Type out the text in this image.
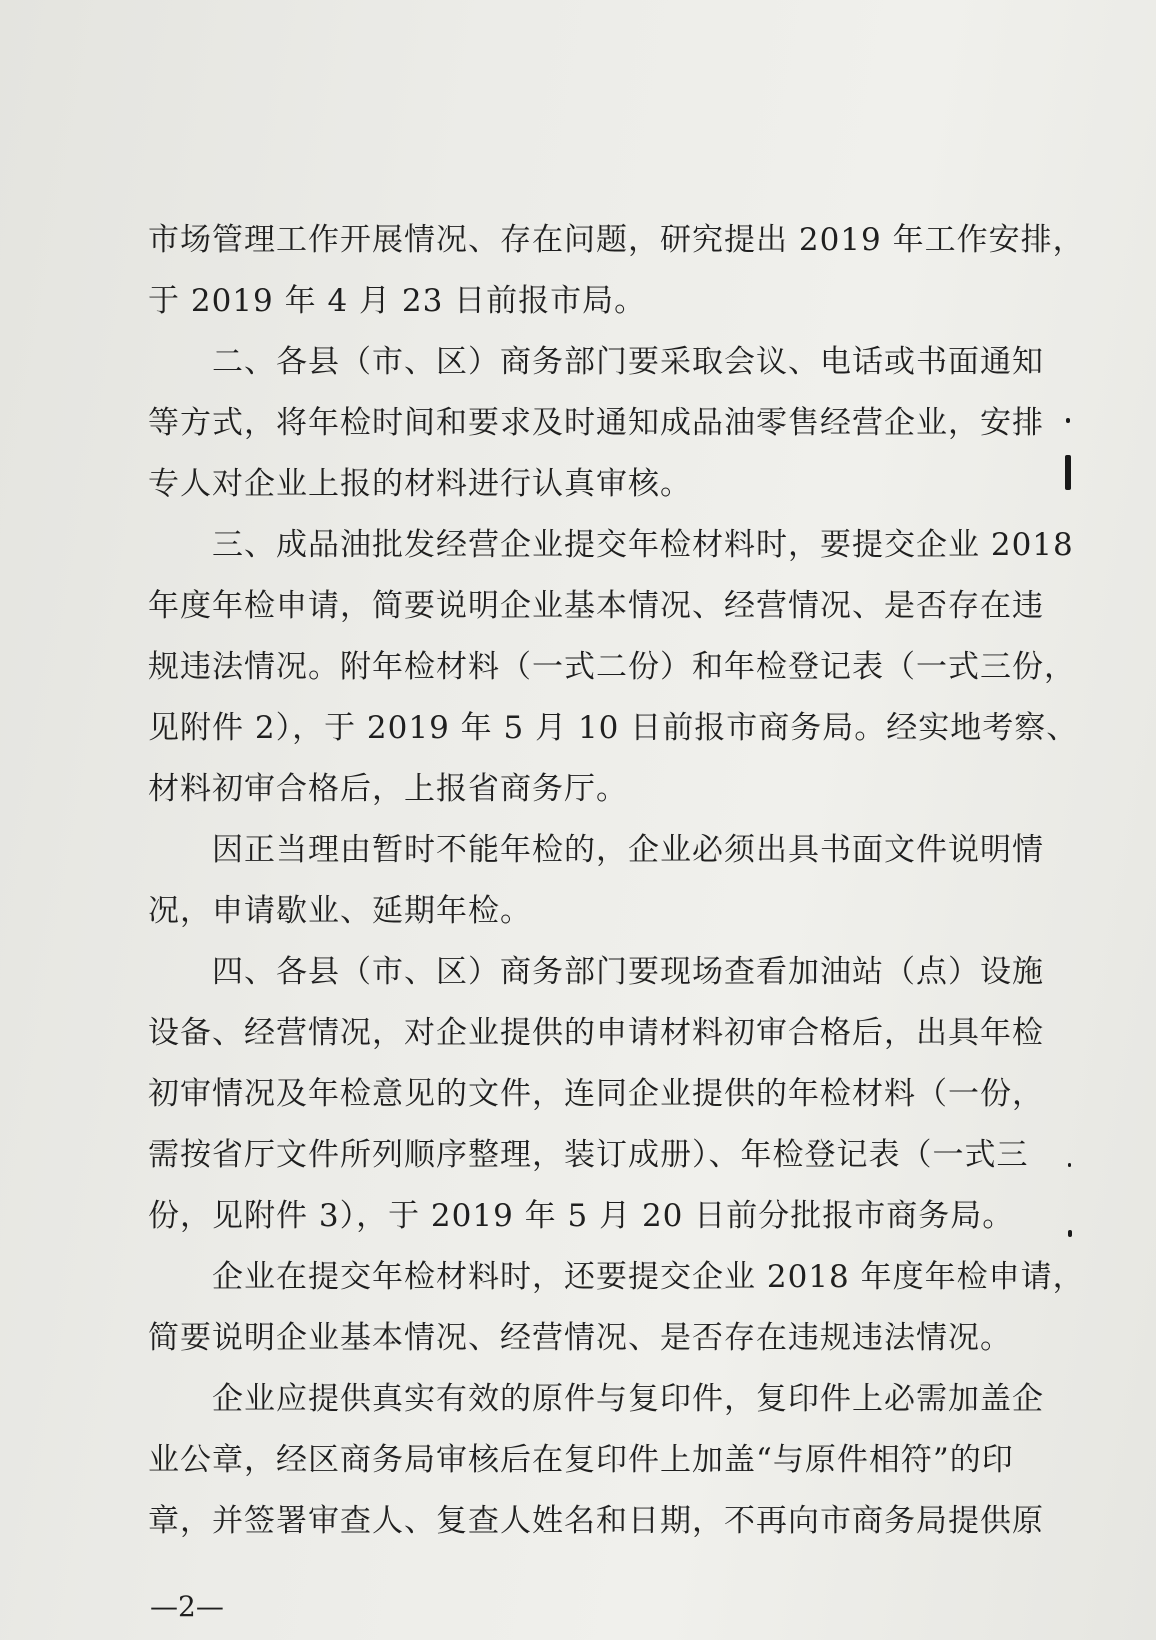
市场管理工作开展情况、存在问题，研究提出 2019 年工作安排，
于 2019 年 4 月 23 日前报市局。
二、各县（市、区）商务部门要采取会议、电话或书面通知
等方式，将年检时间和要求及时通知成品油零售经营企业，安排
专人对企业上报的材料进行认真审核。
三、成品油批发经营企业提交年检材料时，要提交企业 2018
年度年检申请，简要说明企业基本情况、经营情况、是否存在违
规违法情况。附年检材料（一式二份）和年检登记表（一式三份，
见附件 2），于 2019 年 5 月 10 日前报市商务局。经实地考察、
材料初审合格后，上报省商务厅。
因正当理由暂时不能年检的，企业必须出具书面文件说明情
况，申请歇业、延期年检。
四、各县（市、区）商务部门要现场查看加油站（点）设施
设备、经营情况，对企业提供的申请材料初审合格后，出具年检
初审情况及年检意见的文件，连同企业提供的年检材料（一份，
需按省厅文件所列顺序整理，装订成册）、年检登记表（一式三
份，见附件 3），于 2019 年 5 月 20 日前分批报市商务局。
企业在提交年检材料时，还要提交企业 2018 年度年检申请，
简要说明企业基本情况、经营情况、是否存在违规违法情况。
企业应提供真实有效的原件与复印件，复印件上必需加盖企
业公章，经区商务局审核后在复印件上加盖“与原件相符”的印
章，并签署审查人、复查人姓名和日期，不再向市商务局提供原
—2—
